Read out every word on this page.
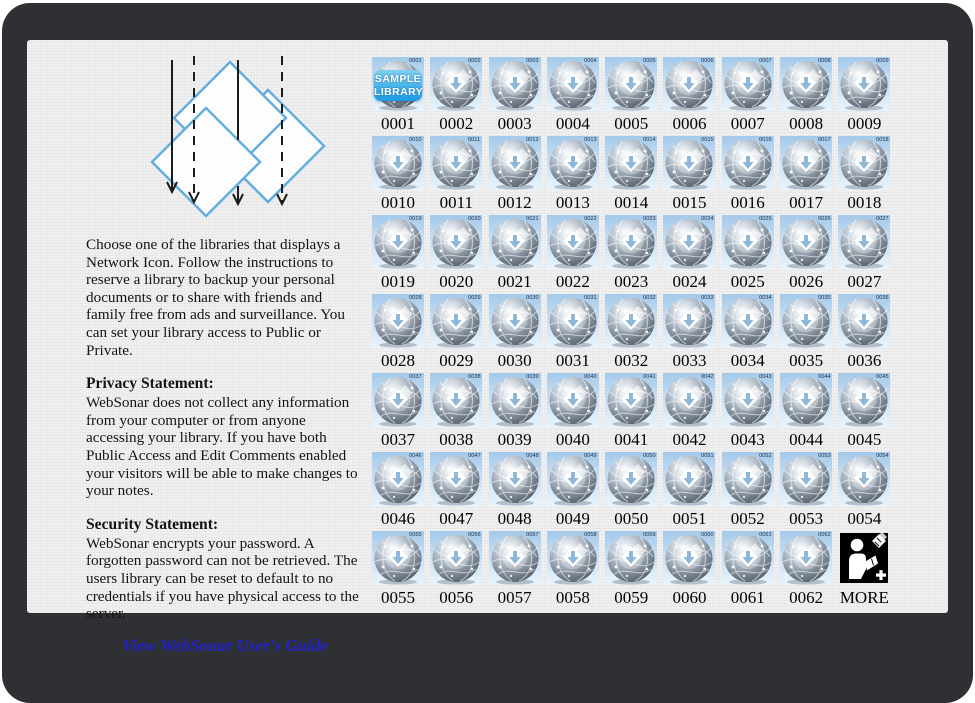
Choose one of the libraries that displays a Network Icon. Follow the instructions to reserve a library to backup your personal documents or to share with friends and family free from ads and surveillance. You can set your library access to Public or Private.

Privacy Statement:

WebSonar does not collect any information from your computer or from anyone accessing your library. If you have both Public Access and Edit Comments enabled your visitors will be able to make changes to your notes.

Security Statement:

WebSonar encrypts your password. A forgotten password can not be retrieved. The users library can be reset to default to no credentials if you have physical access to the server.

View WebSonar User's Guide
0001
SAMPLE
LIBRARY
0001
0002
0002
0003
0003
0004
0004
0005
0005
0006
0006
0007
0007
0008
0008
0009
0009
0010
0010
0011
0011
0012
0012
0013
0013
0014
0014
0015
0015
0016
0016
0017
0017
0018
0018
0019
0019
0020
0020
0021
0021
0022
0022
0023
0023
0024
0024
0025
0025
0026
0026
0027
0027
0028
0028
0029
0029
0030
0030
0031
0031
0032
0032
0033
0033
0034
0034
0035
0035
0036
0036
0037
0037
0038
0038
0039
0039
0040
0040
0041
0041
0042
0042
0043
0043
0044
0044
0045
0045
0046
0046
0047
0047
0048
0048
0049
0049
0050
0050
0051
0051
0052
0052
0053
0053
0054
0054
0055
0055
0056
0056
0057
0057
0058
0058
0059
0059
0060
0060
0061
0061
0062
0062 MORE
